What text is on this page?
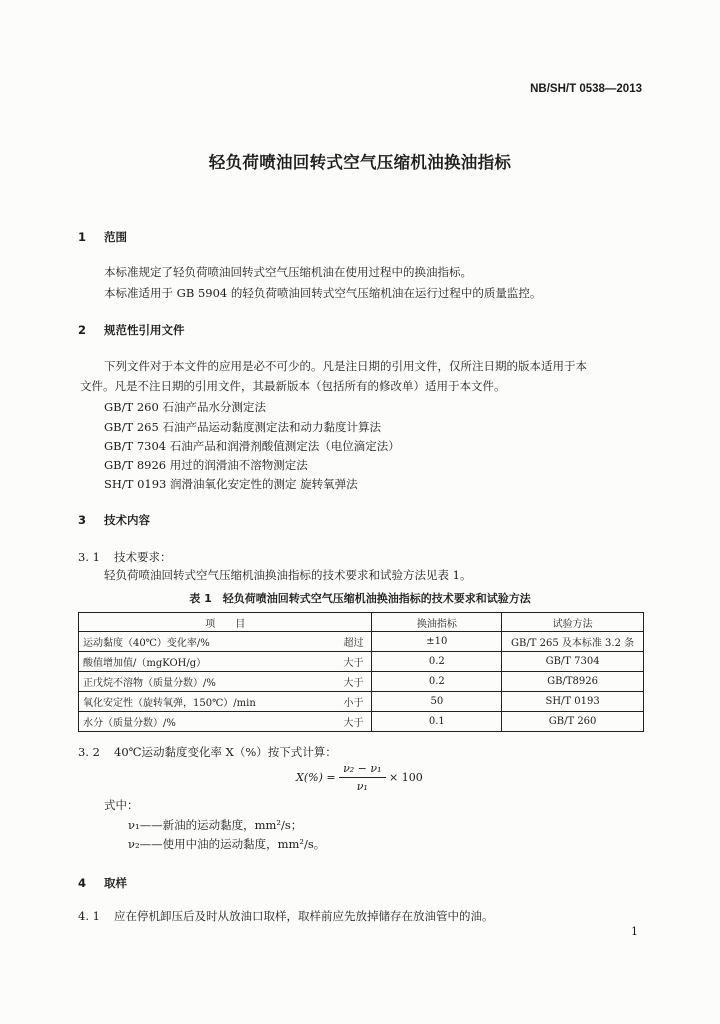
NB/SH/T 0538—2013
轻负荷喷油回转式空气压缩机油换油指标
1 范围
本标准规定了轻负荷喷油回转式空气压缩机油在使用过程中的换油指标。
本标准适用于 GB 5904 的轻负荷喷油回转式空气压缩机油在运行过程中的质量监控。
2 规范性引用文件
下列文件对于本文件的应用是必不可少的。凡是注日期的引用文件，仅所注日期的版本适用于本
文件。凡是不注日期的引用文件，其最新版本（包括所有的修改单）适用于本文件。
GB/T 260 石油产品水分测定法
GB/T 265 石油产品运动黏度测定法和动力黏度计算法
GB/T 7304 石油产品和润滑剂酸值测定法（电位滴定法）
GB/T 8926 用过的润滑油不溶物测定法
SH/T 0193 润滑油氧化安定性的测定 旋转氧弹法
3 技术内容
3. 1 技术要求：
轻负荷喷油回转式空气压缩机油换油指标的技术要求和试验方法见表 1。
表 1　轻负荷喷油回转式空气压缩机油换油指标的技术要求和试验方法
项　　目		换油指标	试验方法
运动黏度（40℃）变化率/%	超过	±10	GB/T 265 及本标准 3.2 条
酸值增加值/（mgKOH/g）	大于	0.2	GB/T 7304
正戊烷不溶物（质量分数）/%	大于	0.2	GB/T8926
氧化安定性（旋转氧弹，150℃）/min	小于	50	SH/T 0193
水分（质量分数）/%	大于	0.1	GB/T 260
3. 2 40℃运动黏度变化率 X（%）按下式计算：
$X(\%) = \frac{\text{ν₂ − ν₁}}{\text{ν₁}} \times 100$
式中：
ν₁——新油的运动黏度，mm²/s；
ν₂——使用中油的运动黏度，mm²/s。
4 取样
4. 1 应在停机卸压后及时从放油口取样，取样前应先放掉储存在放油管中的油。
1
